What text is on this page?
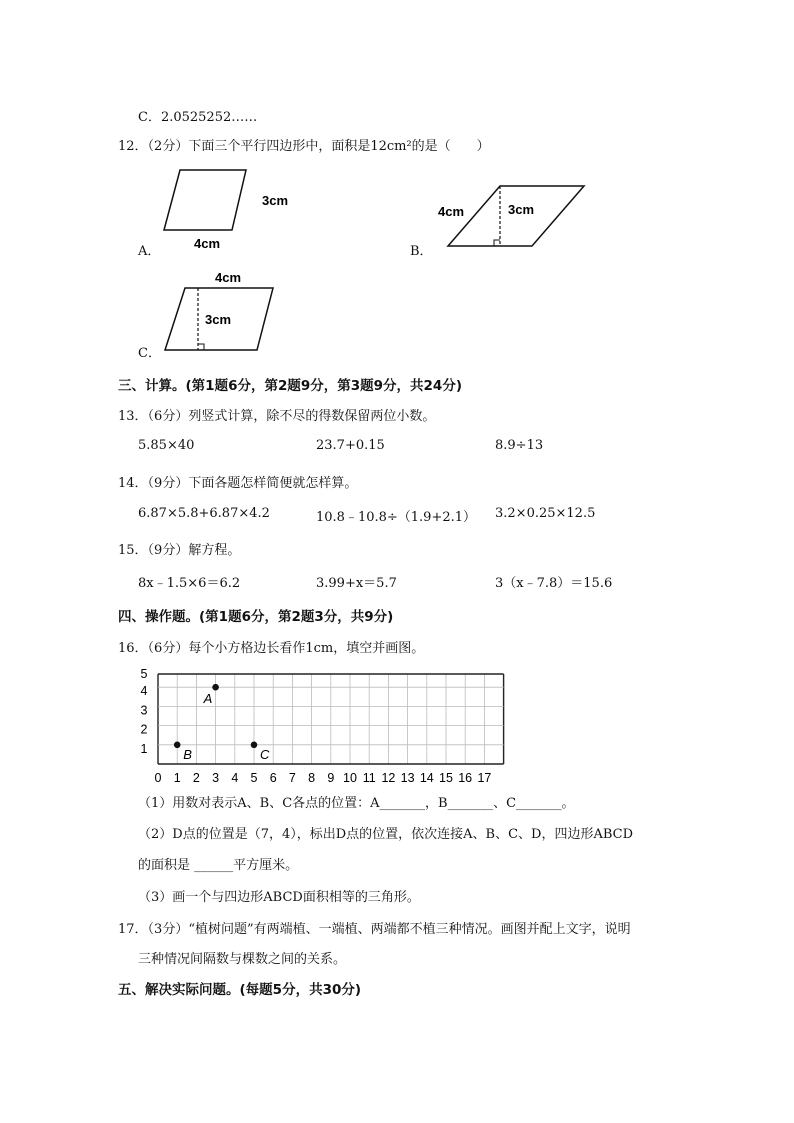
C．2.0525252……
12．（2分）下面三个平行四边形中，面积是12cm²的是（　　）
3cm
4cm
A．
4cm	3cm
B．
4cm
3cm
C．
三、计算。(第1题6分，第2题9分，第3题9分，共24分)
13．（6分）列竖式计算，除不尽的得数保留两位小数。
5.85×40	23.7+0.15	8.9÷13
14．（9分）下面各题怎样简便就怎样算。
6.87×5.8+6.87×4.2	10.8﹣10.8÷（1.9+2.1） 3.2×0.25×12.5
15．（9分）解方程。
8x﹣1.5×6＝6.2	3.99+x＝5.7	3（x﹣7.8）＝15.6
四、操作题。(第1题6分，第2题3分，共9分)
16．（6分）每个小方格边长看作1cm，填空并画图。
0 1 2 3 4 5 6 7 8 9 10 11 12 13 14 15 16 17
1
2
3
4
5
A
B	C
（1）用数对表示A、B、C各点的位置：A_______，B_______、C_______。
（2）D点的位置是（7，4），标出D点的位置，依次连接A、B、C、D，四边形ABCD
的面积是 ______平方厘米。
（3）画一个与四边形ABCD面积相等的三角形。
17．（3分）“植树问题”有两端植、一端植、两端都不植三种情况。画图并配上文字，说明
三种情况间隔数与棵数之间的关系。
五、解决实际问题。(每题5分，共30分)
